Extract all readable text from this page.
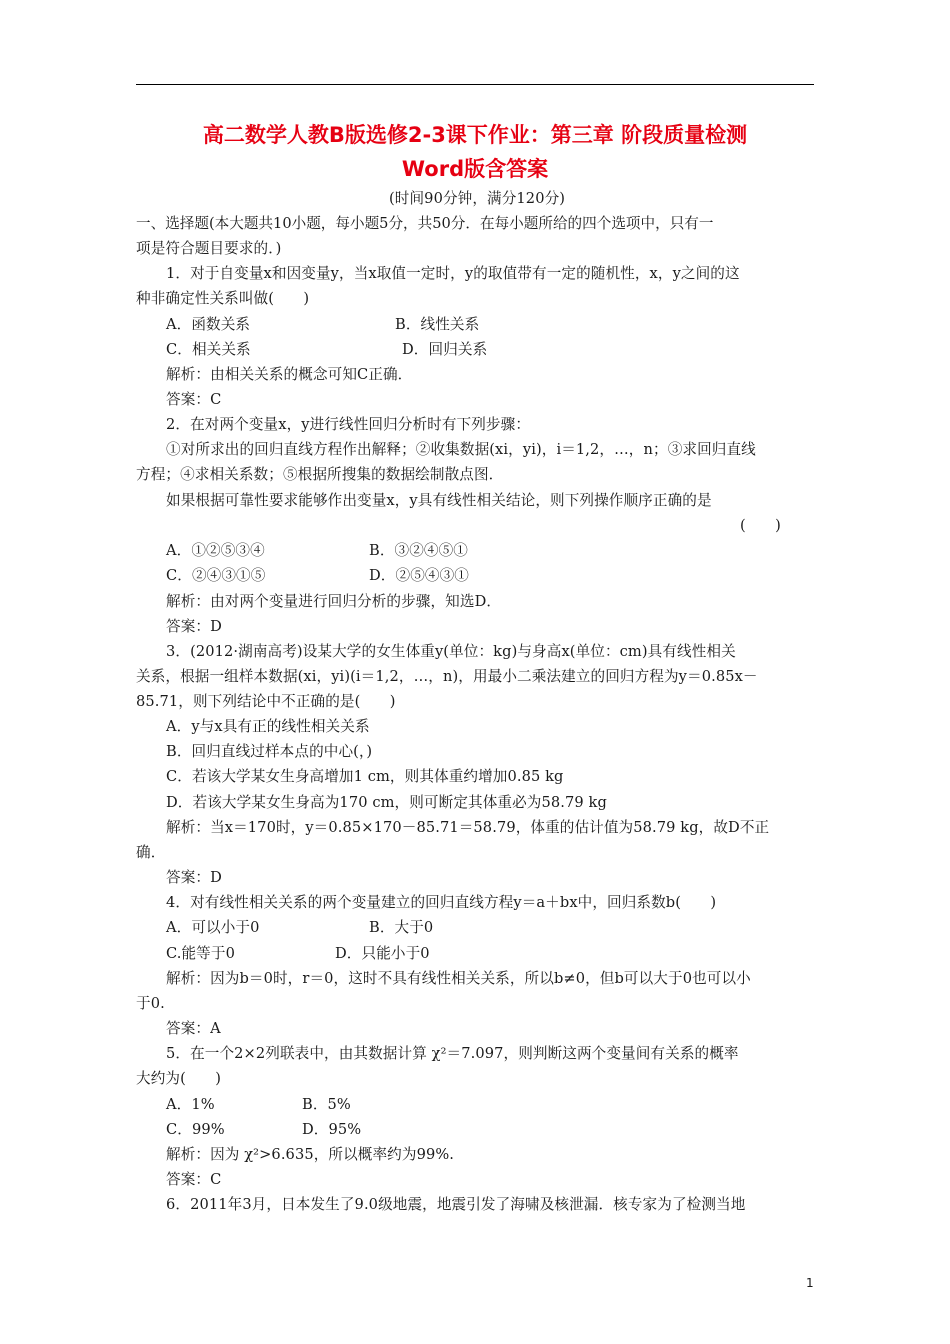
高二数学人教B版选修2-3课下作业：第三章 阶段质量检测
Word版含答案
(时间90分钟，满分120分)
一、选择题(本大题共10小题，每小题5分，共50分．在每小题所给的四个选项中，只有一
项是符合题目要求的．)
1．对于自变量x和因变量y，当x取值一定时，y的取值带有一定的随机性，x，y之间的这
种非确定性关系叫做(　　)
A．函数关系	B．线性关系
C．相关关系	D．回归关系
解析：由相关关系的概念可知C正确．
答案：C
2．在对两个变量x，y进行线性回归分析时有下列步骤：
①对所求出的回归直线方程作出解释；②收集数据(xi，yi)，i＝1,2，…，n；③求回归直线
方程；④求相关系数；⑤根据所搜集的数据绘制散点图．
如果根据可靠性要求能够作出变量x，y具有线性相关结论，则下列操作顺序正确的是
(　　)
A．①②⑤③④	B．③②④⑤①
C．②④③①⑤	D．②⑤④③①
解析：由对两个变量进行回归分析的步骤，知选D．
答案：D
3．(2012·湖南高考)设某大学的女生体重y(单位：kg)与身高x(单位：cm)具有线性相关
关系，根据一组样本数据(xi，yi)(i＝1,2，…，n)，用最小二乘法建立的回归方程为y＝0.85x－
85.71，则下列结论中不正确的是(　　)
A．y与x具有正的线性相关关系
B．回归直线过样本点的中心(，)
C．若该大学某女生身高增加1 cm，则其体重约增加0.85 kg
D．若该大学某女生身高为170 cm，则可断定其体重必为58.79 kg
解析：当x＝170时，y＝0.85×170－85.71＝58.79，体重的估计值为58.79 kg，故D不正
确．
答案：D
4．对有线性相关关系的两个变量建立的回归直线方程y＝a＋bx中，回归系数b(　　)
A．可以小于0	B．大于0
C.能等于0	D．只能小于0
解析：因为b＝0时，r＝0，这时不具有线性相关关系，所以b≠0，但b可以大于0也可以小
于0.
答案：A
5．在一个2×2列联表中，由其数据计算 χ²＝7.097，则判断这两个变量间有关系的概率
大约为(　　)
A．1%	B．5%
C．99%	D．95%
解析：因为 χ²>6.635，所以概率约为99%.
答案：C
6．2011年3月，日本发生了9.0级地震，地震引发了海啸及核泄漏．核专家为了检测当地
1
